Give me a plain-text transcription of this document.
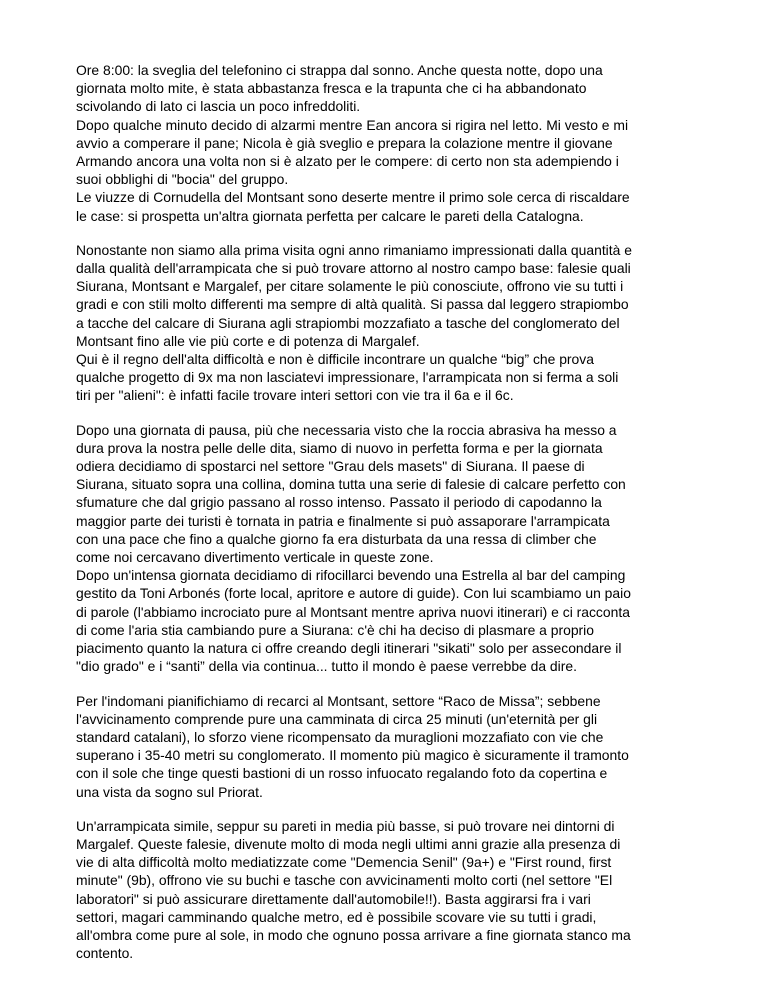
Ore 8:00: la sveglia del telefonino ci strappa dal sonno. Anche questa notte, dopo una
giornata molto mite, è stata abbastanza fresca e la trapunta che ci ha abbandonato
scivolando di lato ci lascia un poco infreddoliti.
Dopo qualche minuto decido di alzarmi mentre Ean ancora si rigira nel letto. Mi vesto e mi
avvio a comperare il pane; Nicola è già sveglio e prepara la colazione mentre il giovane
Armando ancora una volta non si è alzato per le compere: di certo non sta adempiendo i
suoi obblighi di "bocia" del gruppo.
Le viuzze di Cornudella del Montsant sono deserte mentre il primo sole cerca di riscaldare
le case: si prospetta un'altra giornata perfetta per calcare le pareti della Catalogna.

Nonostante non siamo alla prima visita ogni anno rimaniamo impressionati dalla quantità e
dalla qualità dell'arrampicata che si può trovare attorno al nostro campo base: falesie quali
Siurana, Montsant e Margalef, per citare solamente le più conosciute, offrono vie su tutti i
gradi e con stili molto differenti ma sempre di altà qualità. Si passa dal leggero strapiombo
a tacche del calcare di Siurana agli strapiombi mozzafiato a tasche del conglomerato del
Montsant fino alle vie più corte e di potenza di Margalef.
Qui è il regno dell'alta difficoltà e non è difficile incontrare un qualche “big” che prova
qualche progetto di 9x ma non lasciatevi impressionare, l'arrampicata non si ferma a soli
tiri per "alieni": è infatti facile trovare interi settori con vie tra il 6a e il 6c.

Dopo una giornata di pausa, più che necessaria visto che la roccia abrasiva ha messo a
dura prova la nostra pelle delle dita, siamo di nuovo in perfetta forma e per la giornata
odiera decidiamo di spostarci nel settore "Grau dels masets" di Siurana. Il paese di
Siurana, situato sopra una collina, domina tutta una serie di falesie di calcare perfetto con
sfumature che dal grigio passano al rosso intenso. Passato il periodo di capodanno la
maggior parte dei turisti è tornata in patria e finalmente si può assaporare l'arrampicata
con una pace che fino a qualche giorno fa era disturbata da una ressa di climber che
come noi cercavano divertimento verticale in queste zone.
Dopo un'intensa giornata decidiamo di rifocillarci bevendo una Estrella al bar del camping
gestito da Toni Arbonés (forte local, apritore e autore di guide). Con lui scambiamo un paio
di parole (l'abbiamo incrociato pure al Montsant mentre apriva nuovi itinerari) e ci racconta
di come l'aria stia cambiando pure a Siurana: c'è chi ha deciso di plasmare a proprio
piacimento quanto la natura ci offre creando degli itinerari "sikati" solo per assecondare il
"dio grado" e i “santi” della via continua... tutto il mondo è paese verrebbe da dire.

Per l'indomani pianifichiamo di recarci al Montsant, settore “Raco de Missa”; sebbene
l'avvicinamento comprende pure una camminata di circa 25 minuti (un'eternità per gli
standard catalani), lo sforzo viene ricompensato da muraglioni mozzafiato con vie che
superano i 35-40 metri su conglomerato. Il momento più magico è sicuramente il tramonto
con il sole che tinge questi bastioni di un rosso infuocato regalando foto da copertina e
una vista da sogno sul Priorat.

Un'arrampicata simile, seppur su pareti in media più basse, si può trovare nei dintorni di
Margalef. Queste falesie, divenute molto di moda negli ultimi anni grazie alla presenza di
vie di alta difficoltà molto mediatizzate come "Demencia Senil" (9a+) e "First round, first
minute" (9b), offrono vie su buchi e tasche con avvicinamenti molto corti (nel settore "El
laboratori" si può assicurare direttamente dall'automobile!!). Basta aggirarsi fra i vari
settori, magari camminando qualche metro, ed è possibile scovare vie su tutti i gradi,
all'ombra come pure al sole, in modo che ognuno possa arrivare a fine giornata stanco ma
contento.
